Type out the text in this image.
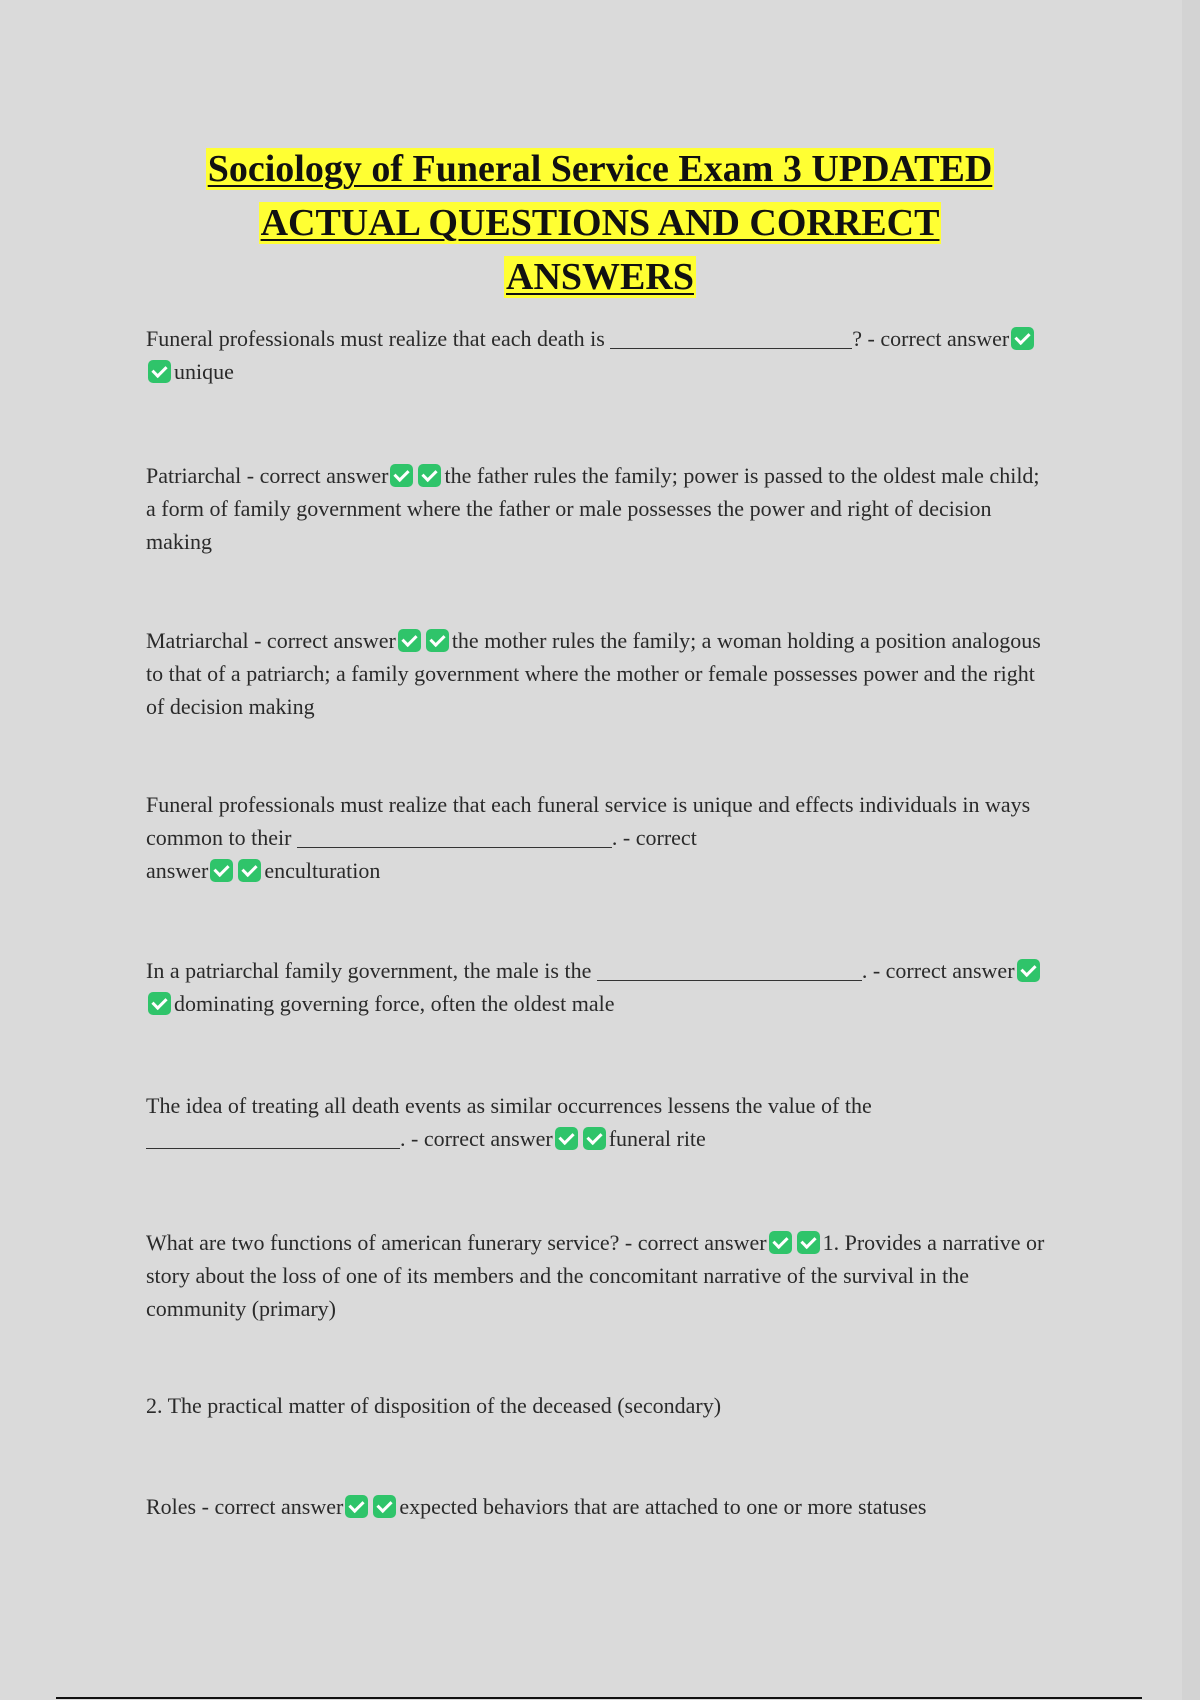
Sociology of Funeral Service Exam 3 UPDATED
ACTUAL QUESTIONS AND CORRECT
ANSWERS
Funeral professionals must realize that each death is	? - correct answerunique
Patriarchal - correct answer	the father rules the family; power is passed to the oldest male child; a form of family government where the father or male possesses the power and right of decision making
Matriarchal - correct answer	the mother rules the family; a woman holding a position analogous to that of a patriarch; a family government where the mother or female possesses power and the right of decision making
Funeral professionals must realize that each funeral service is unique and effects individuals in ways common to their	. - correct
answer	enculturation
In a patriarchal family government, the male is the	. - correct answerdominating governing force, often the oldest male
The idea of treating all death events as similar occurrences lessens the value of the . - correct answer	funeral rite
What are two functions of american funerary service? - correct answer	1. Provides a narrative or story about the loss of one of its members and the concomitant narrative of the survival in the community (primary)
2. The practical matter of disposition of the deceased (secondary)
Roles - correct answer	expected behaviors that are attached to one or more statuses
